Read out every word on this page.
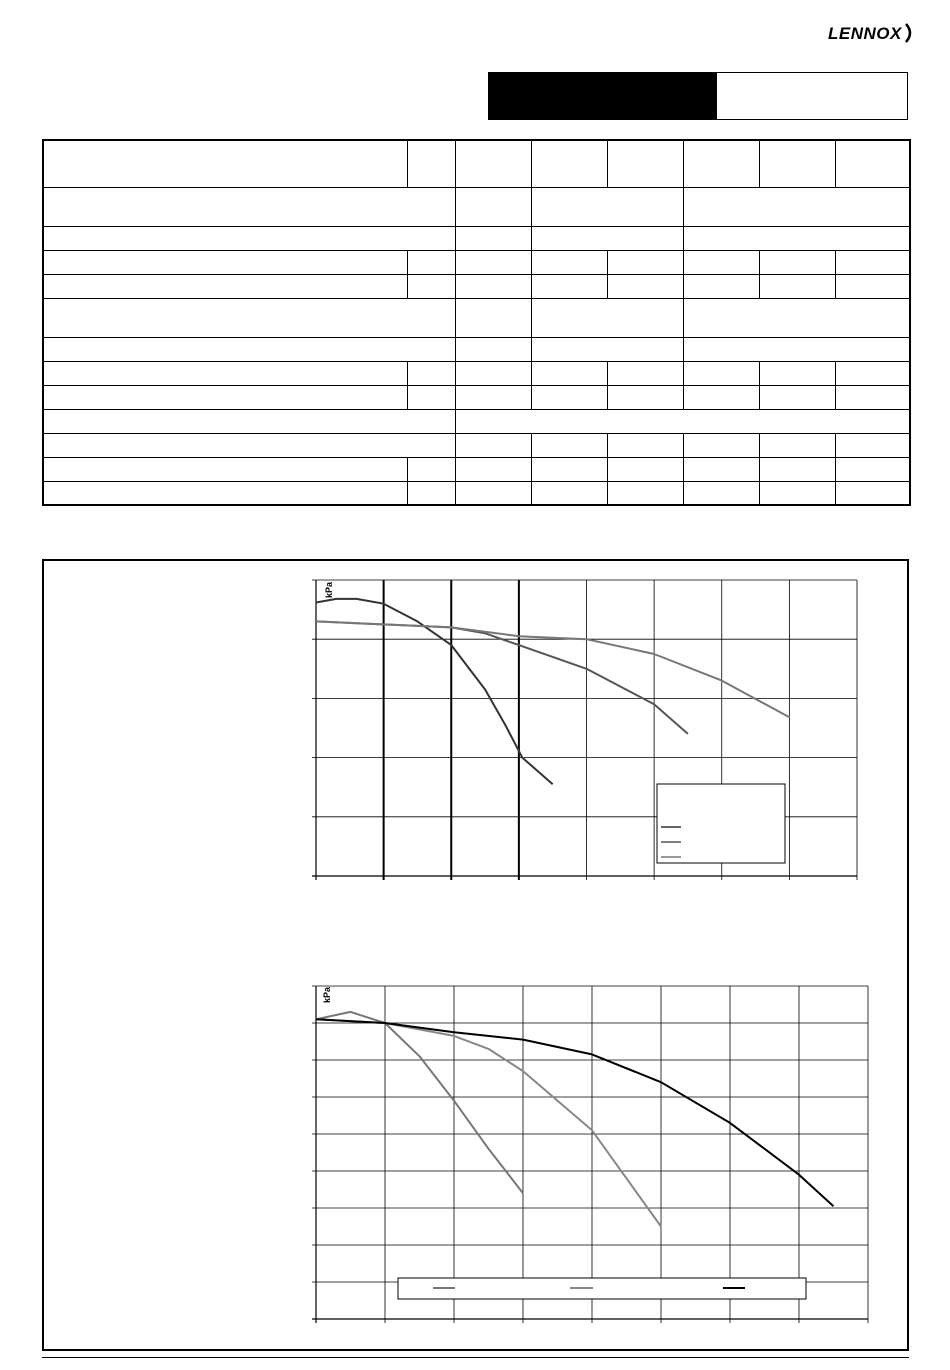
LENNOX

kPa
kPa
